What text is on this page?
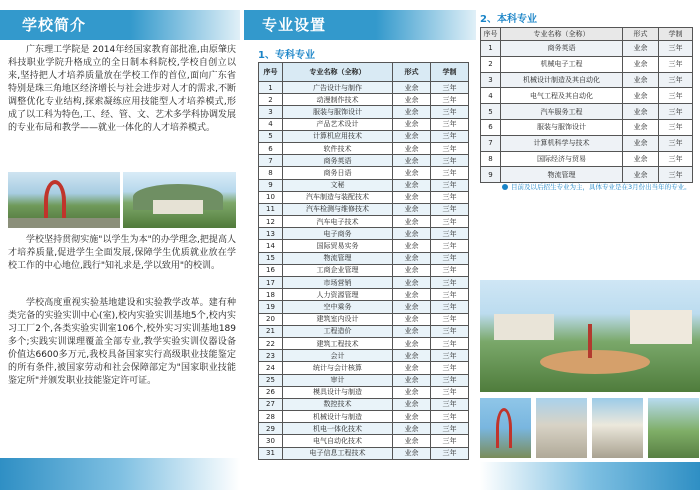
学校简介

广东理工学院是 2014年经国家教育部批准,由原肇庆科技职业学院升格成立的全日制本科院校,学校自创立以来,坚持把人才培养质量放在学校工作的首位,面向广东省特别是珠三角地区经济增长与社会进步对人才的需求,不断调整优化专业结构,探索凝练应用技能型人才培养模式,形成了以工科为特色,工、经、管、文、艺术多学科协调发展的专业布局和教学——就业一体化的人才培养模式。

学校坚持贯彻实施"以学生为本"的办学理念,把提高人才培养质量,促进学生全面发展,保障学生优质就业放在学校工作的中心地位,践行"知礼求是,学以致用"的校训。

学校高度重视实验基地建设和实验教学改革。建有种类完备的实验实训中心(室),校内实验实训基地5个,校内实习工厂2个,各类实验实训室106个,校外实习实训基地189多个;实践实训课理覆盖全部专业,教学实验实训仪器设备价值达6600多万元,我校具备国家实行高级职业技能鉴定的所有条件,被国家劳动和社会保障部定为"国家职业技能鉴定所"并颁发职业技能鉴定许可证。

专业设置
1、专科专业
序号	专业名称（全称）	形式	学制
1	广告设计与制作	业余	三年
2	动漫制作技术	业余	三年
3	服装与服饰设计	业余	三年
4	产品艺术设计	业余	三年
5	计算机应用技术	业余	三年
6	软件技术	业余	三年
7	商务英语	业余	三年
8	商务日语	业余	三年
9	文秘	业余	三年
10	汽车制造与装配技术	业余	三年
11	汽车检测与维修技术	业余	三年
12	汽车电子技术	业余	三年
13	电子商务	业余	三年
14	国际贸易实务	业余	三年
15	物流管理	业余	三年
16	工商企业管理	业余	三年
17	市场营销	业余	三年
18	人力资源管理	业余	三年
19	空中乘务	业余	三年
20	建筑室内设计	业余	三年
21	工程造价	业余	三年
22	建筑工程技术	业余	三年
23	会计	业余	三年
24	统计与会计核算	业余	三年
25	审计	业余	三年
26	模具设计与制造	业余	三年
27	数控技术	业余	三年
28	机械设计与制造	业余	三年
29	机电一体化技术	业余	三年
30	电气自动化技术	业余	三年
31	电子信息工程技术	业余	三年
2、本科专业
序号	专业名称（全称）	形式	学制
1	商务英语	业余	三年
2	机械电子工程	业余	三年
3	机械设计制造及其自动化	业余	三年
4	电气工程及其自动化	业余	三年
5	汽车服务工程	业余	三年
6	服装与服饰设计	业余	三年
7	计算机科学与技术	业余	三年
8	国际经济与贸易	业余	三年
9	物流管理	业余	三年
目前及以后招生专业为主，具体专业是在3月份出当年的专业。
